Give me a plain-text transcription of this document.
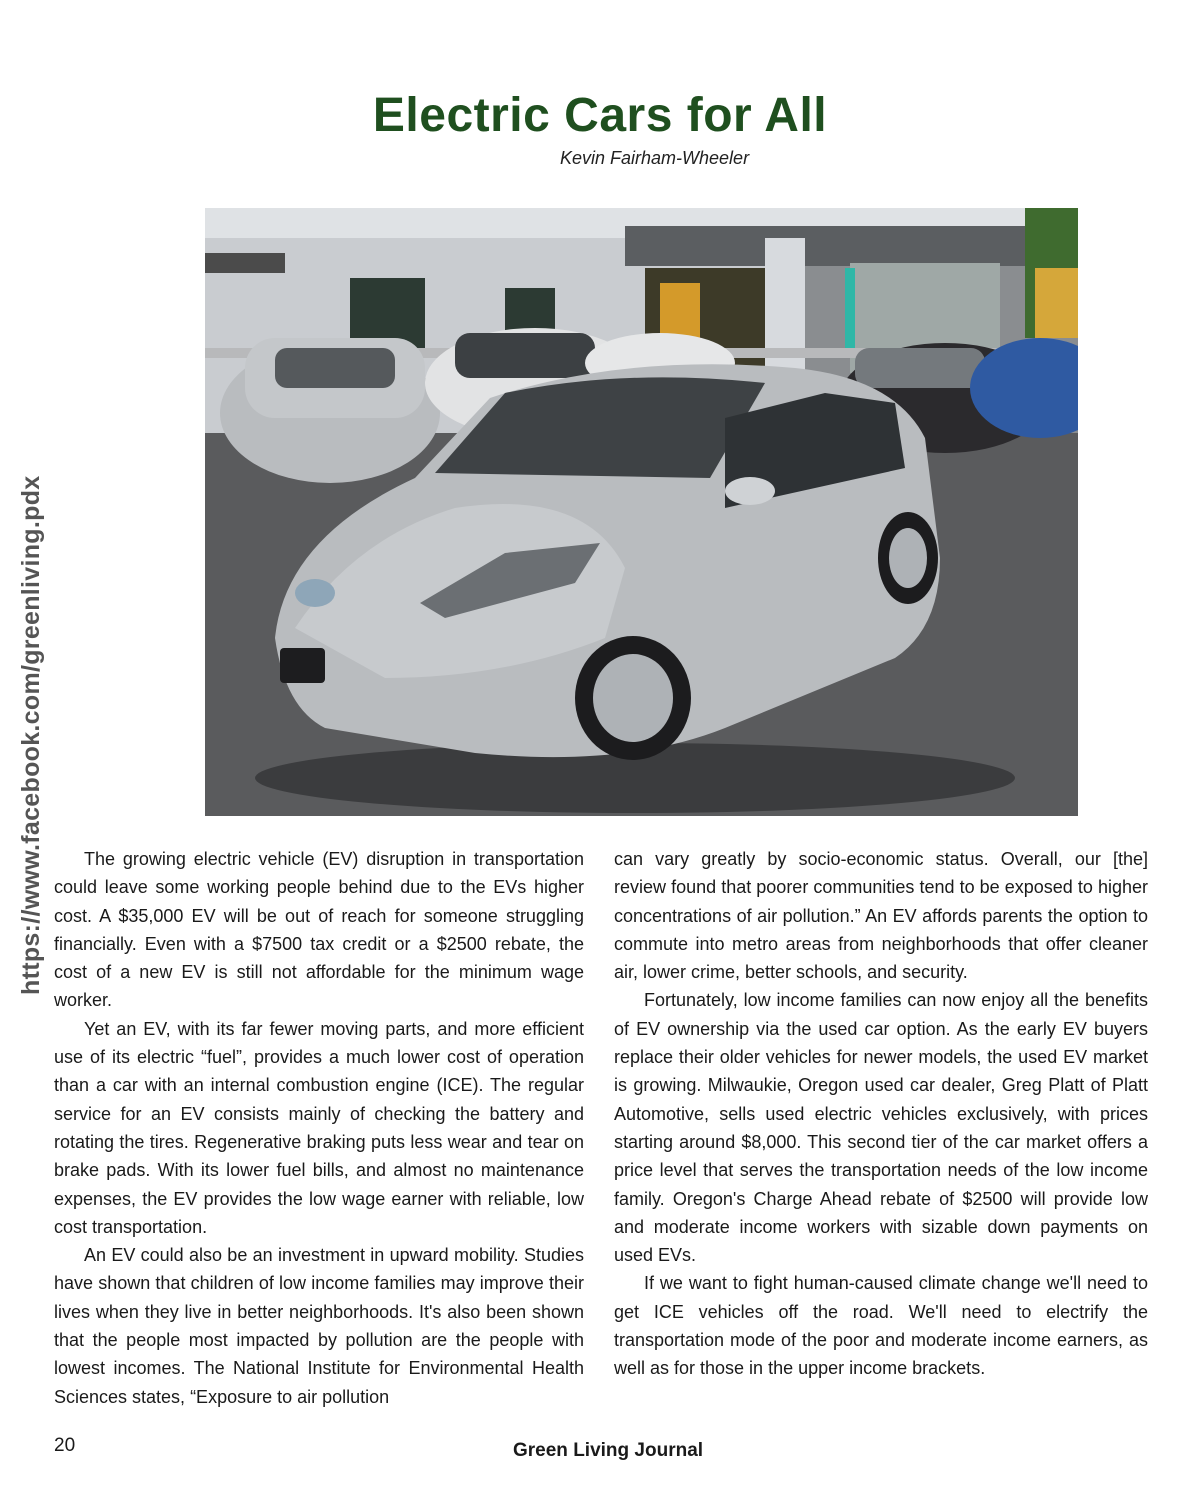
Electric Cars for All
Kevin Fairham-Wheeler
https://www.facebook.com/greenliving.pdx	The growing electric vehicle (EV) disruption in transportation could leave some working people behind due to the EVs higher cost. A $35,000 EV will be out of reach for someone struggling financially. Even with a $7500 tax credit or a $2500 rebate, the cost of a new EV is still not affordable for the minimum wage worker.

Yet an EV, with its far fewer moving parts, and more efficient use of its electric “fuel”, provides a much lower cost of operation than a car with an internal combustion engine (ICE). The regular service for an EV consists mainly of checking the battery and rotating the tires. Regenerative braking puts less wear and tear on brake pads. With its lower fuel bills, and almost no maintenance expenses, the EV provides the low wage earner with reliable, low cost transportation.

An EV could also be an investment in upward mobility. Studies have shown that children of low income families may improve their lives when they live in better neighborhoods. It's also been shown that the people most impacted by pollution are the people with lowest incomes. The National Institute for Environmental Health Sciences states, “Exposure to air pollution

can vary greatly by socio-economic status. Overall, our [the] review found that poorer communities tend to be exposed to higher concentrations of air pollution.” An EV affords parents the option to commute into metro areas from neighborhoods that offer cleaner air, lower crime, better schools, and security.

Fortunately, low income families can now enjoy all the benefits of EV ownership via the used car option. As the early EV buyers replace their older vehicles for newer models, the used EV market is growing. Milwaukie, Oregon used car dealer, Greg Platt of Platt Automotive, sells used electric vehicles exclusively, with prices starting around $8,000. This second tier of the car market offers a price level that serves the transportation needs of the low income family. Oregon's Charge Ahead rebate of $2500 will provide low and moderate income workers with sizable down payments on used EVs.

If we want to fight human-caused climate change we'll need to get ICE vehicles off the road. We'll need to electrify the transportation mode of the poor and moderate income earners, as well as for those in the upper income brackets.

20	Green Living Journal
